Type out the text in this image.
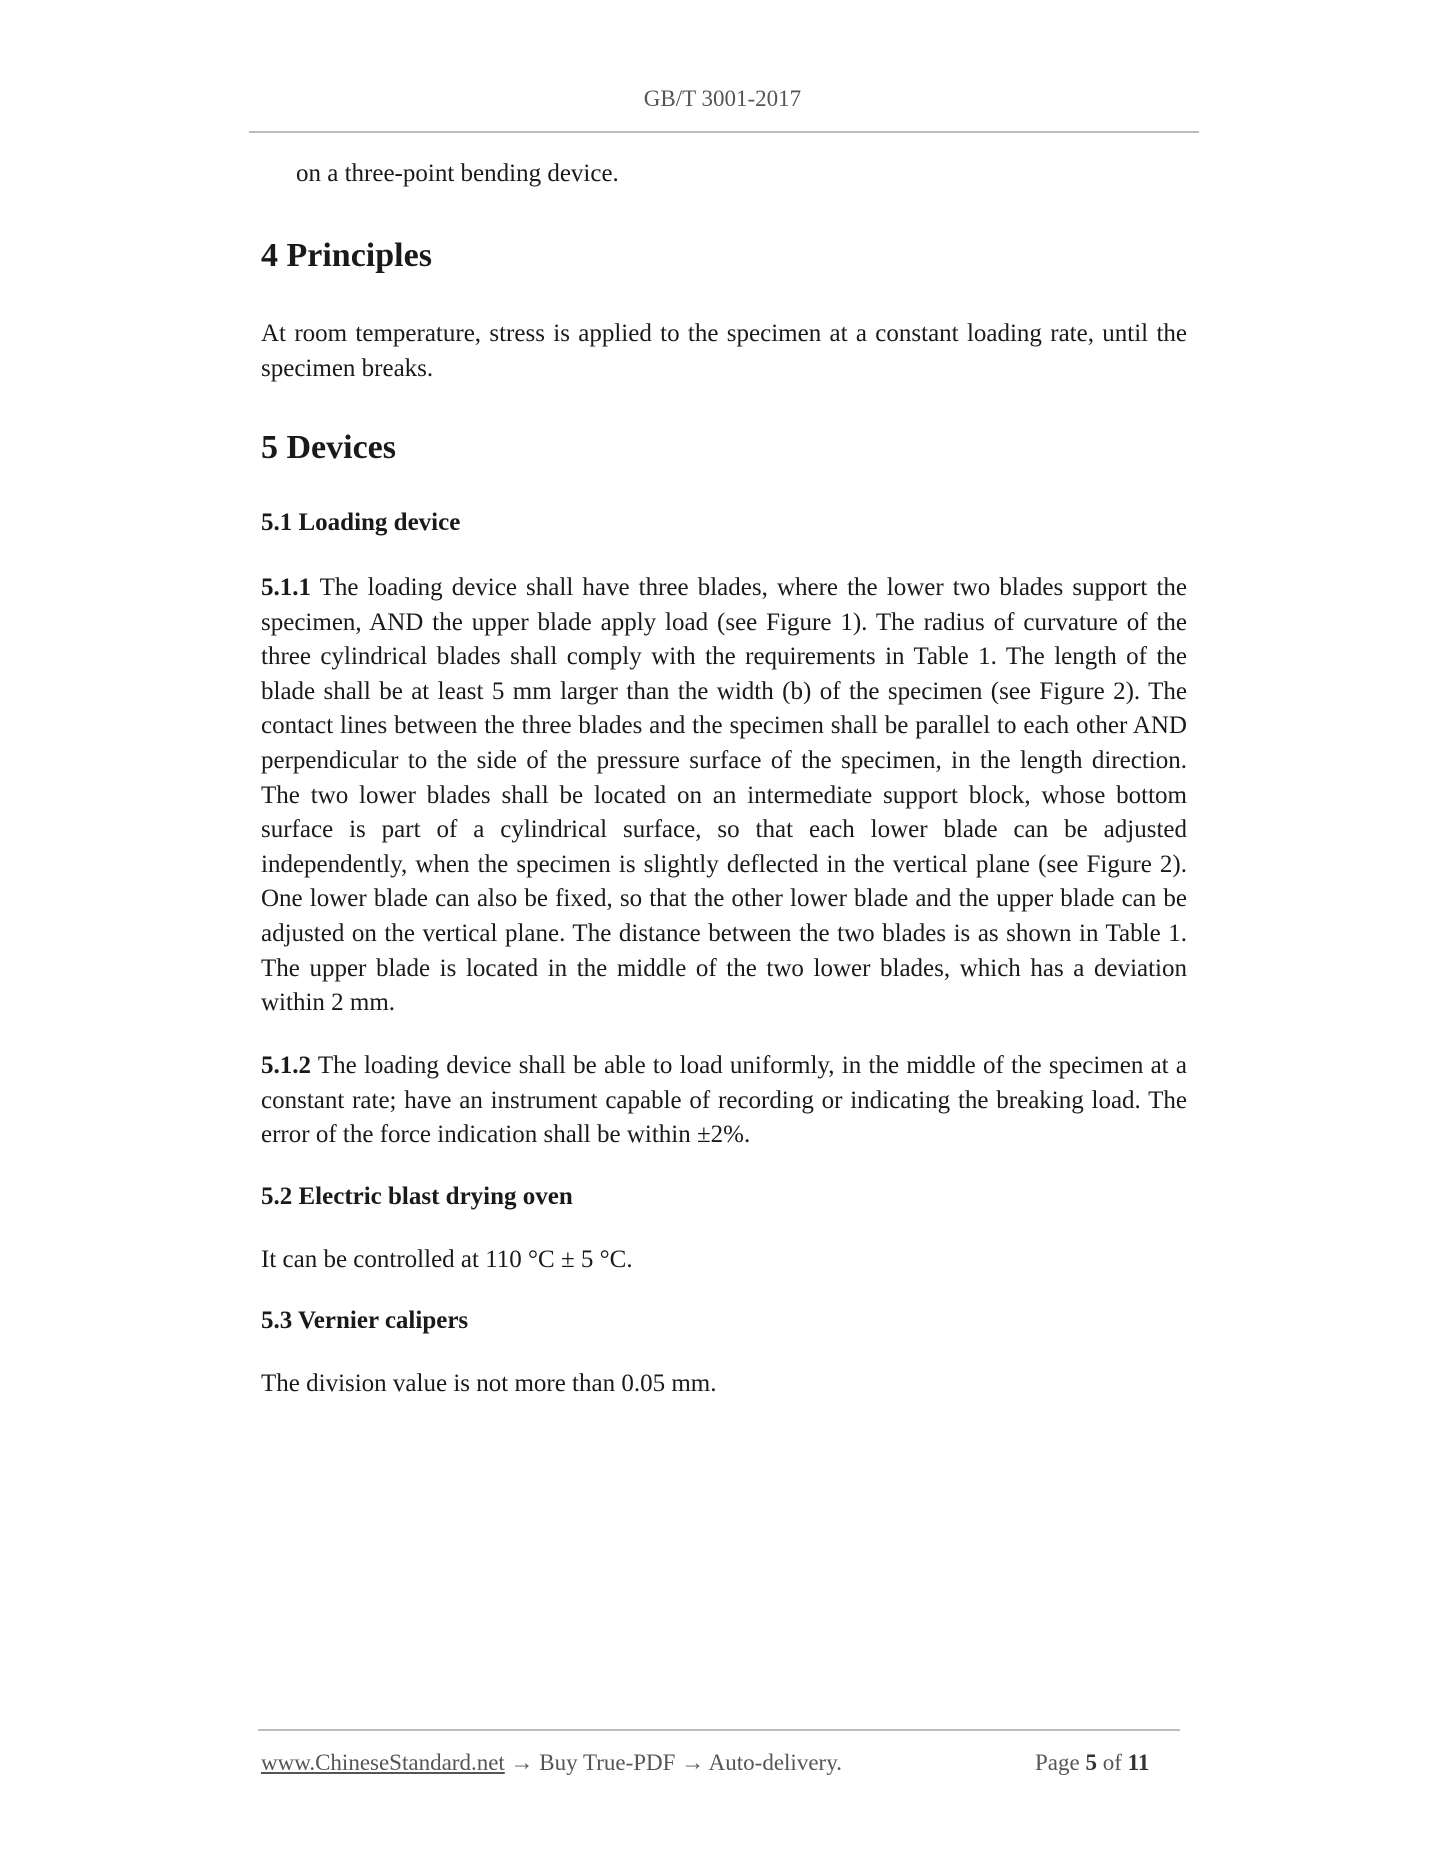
GB/T 3001-2017

on a three-point bending device.

4 Principles

At room temperature, stress is applied to the specimen at a constant loading rate, until the specimen breaks.

5 Devices
5.1 Loading device

5.1.1 The loading device shall have three blades, where the lower two blades support the specimen, AND the upper blade apply load (see Figure 1). The radius of curvature of the three cylindrical blades shall comply with the requirements in Table 1. The length of the blade shall be at least 5 mm larger than the width (b) of the specimen (see Figure 2). The contact lines between the three blades and the specimen shall be parallel to each other AND perpendicular to the side of the pressure surface of the specimen, in the length direction. The two lower blades shall be located on an intermediate support block, whose bottom surface is part of a cylindrical surface, so that each lower blade can be adjusted independently, when the specimen is slightly deflected in the vertical plane (see Figure 2). One lower blade can also be fixed, so that the other lower blade and the upper blade can be adjusted on the vertical plane. The distance between the two blades is as shown in Table 1. The upper blade is located in the middle of the two lower blades, which has a deviation within 2 mm.

5.1.2 The loading device shall be able to load uniformly, in the middle of the specimen at a constant rate; have an instrument capable of recording or indicating the breaking load. The error of the force indication shall be within ±2%.

5.2 Electric blast drying oven

It can be controlled at 110 °C ± 5 °C.

5.3 Vernier calipers

The division value is not more than 0.05 mm.

www.ChineseStandard.net → Buy True-PDF → Auto-delivery.	Page 5 of 11
